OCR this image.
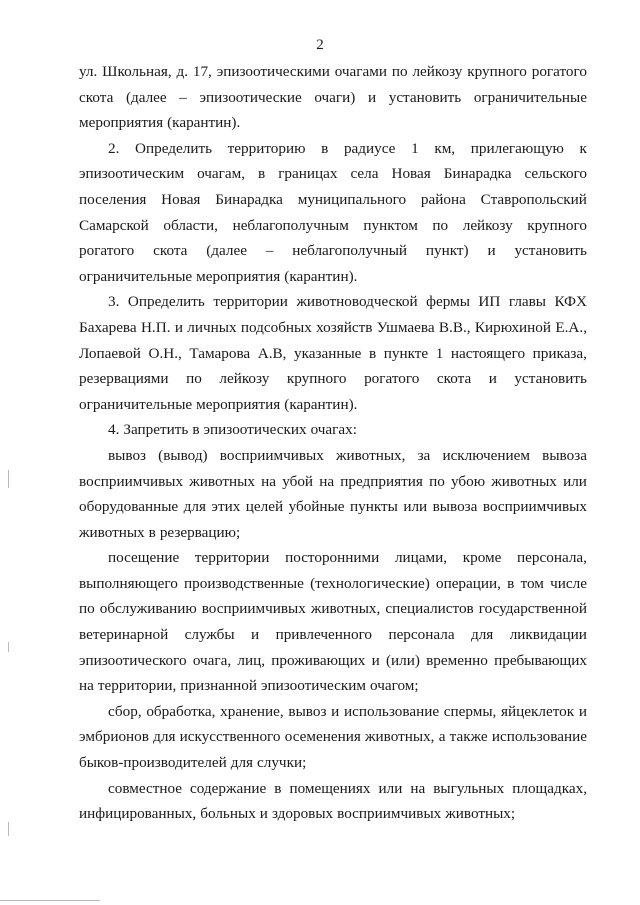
2
ул. Школьная, д. 17, эпизоотическими очагами по лейкозу крупного рогатого
скота (далее – эпизоотические очаги) и установить ограничительные
мероприятия (карантин).
2. Определить территорию в радиусе 1 км, прилегающую к
эпизоотическим очагам, в границах села Новая Бинарадка сельского
поселения Новая Бинарадка муниципального района Ставропольский
Самарской области, неблагополучным пунктом по лейкозу крупного
рогатого скота (далее – неблагополучный пункт) и установить
ограничительные мероприятия (карантин).
3. Определить территории животноводческой фермы ИП главы КФХ
Бахарева Н.П. и личных подсобных хозяйств Ушмаева В.В., Кирюхиной Е.А.,
Лопаевой О.Н., Тамарова А.В, указанные в пункте 1 настоящего приказа,
резервациями по лейкозу крупного рогатого скота и установить
ограничительные мероприятия (карантин).
4. Запретить в эпизоотических очагах:
вывоз (вывод) восприимчивых животных, за исключением вывоза
восприимчивых животных на убой на предприятия по убою животных или
оборудованные для этих целей убойные пункты или вывоза восприимчивых
животных в резервацию;
посещение территории посторонними лицами, кроме персонала,
выполняющего производственные (технологические) операции, в том числе
по обслуживанию восприимчивых животных, специалистов государственной
ветеринарной службы и привлеченного персонала для ликвидации
эпизоотического очага, лиц, проживающих и (или) временно пребывающих
на территории, признанной эпизоотическим очагом;
сбор, обработка, хранение, вывоз и использование спермы, яйцеклеток и
эмбрионов для искусственного осеменения животных, а также использование
быков-производителей для случки;
совместное содержание в помещениях или на выгульных площадках,
инфицированных, больных и здоровых восприимчивых животных;
